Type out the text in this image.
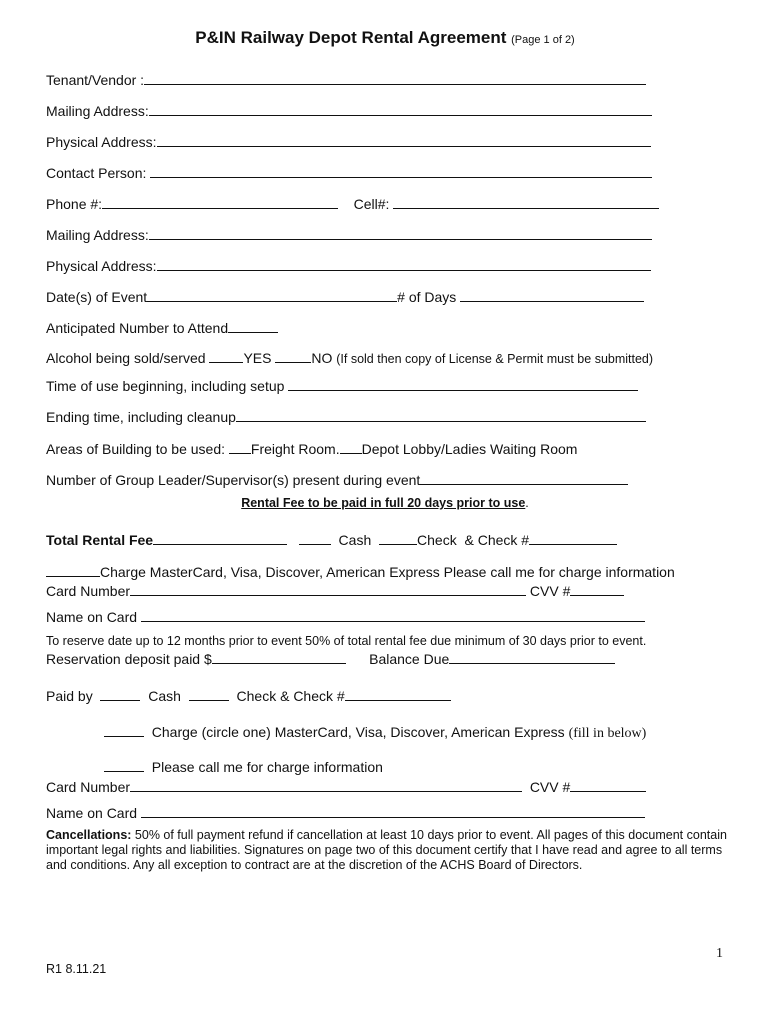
P&IN Railway Depot Rental Agreement (Page 1 of 2)
Tenant/Vendor :
Mailing Address:
Physical Address:
Contact Person:
Phone #:	Cell#:
Mailing Address:
Physical Address:
Date(s) of Event	# of Days
Anticipated Number to Attend
Alcohol being sold/served	YES	NO (If sold then copy of License & Permit must be submitted)
Time of use beginning, including setup
Ending time, including cleanup
Areas of Building to be used: Freight Room. Depot Lobby/Ladies Waiting Room
Number of Group Leader/Supervisor(s) present during event
Rental Fee to be paid in full 20 days prior to use.
Total Rental Fee	Cash	Check & Check #
Charge MasterCard, Visa, Discover, American Express Please call me for charge information
Card Number	CVV #
Name on Card
To reserve date up to 12 months prior to event 50% of total rental fee due minimum of 30 days prior to event.
Reservation deposit paid $	Balance Due
Paid by	Cash	Check & Check #
Charge (circle one) MasterCard, Visa, Discover, American Express (fill in below)
Please call me for charge information
Card Number	CVV #
Name on Card
Cancellations: 50% of full payment refund if cancellation at least 10 days prior to event. All pages of this document contain important legal rights and liabilities. Signatures on page two of this document certify that I have read and agree to all terms and conditions. Any all exception to contract are at the discretion of the ACHS Board of Directors.
1
R1 8.11.21
